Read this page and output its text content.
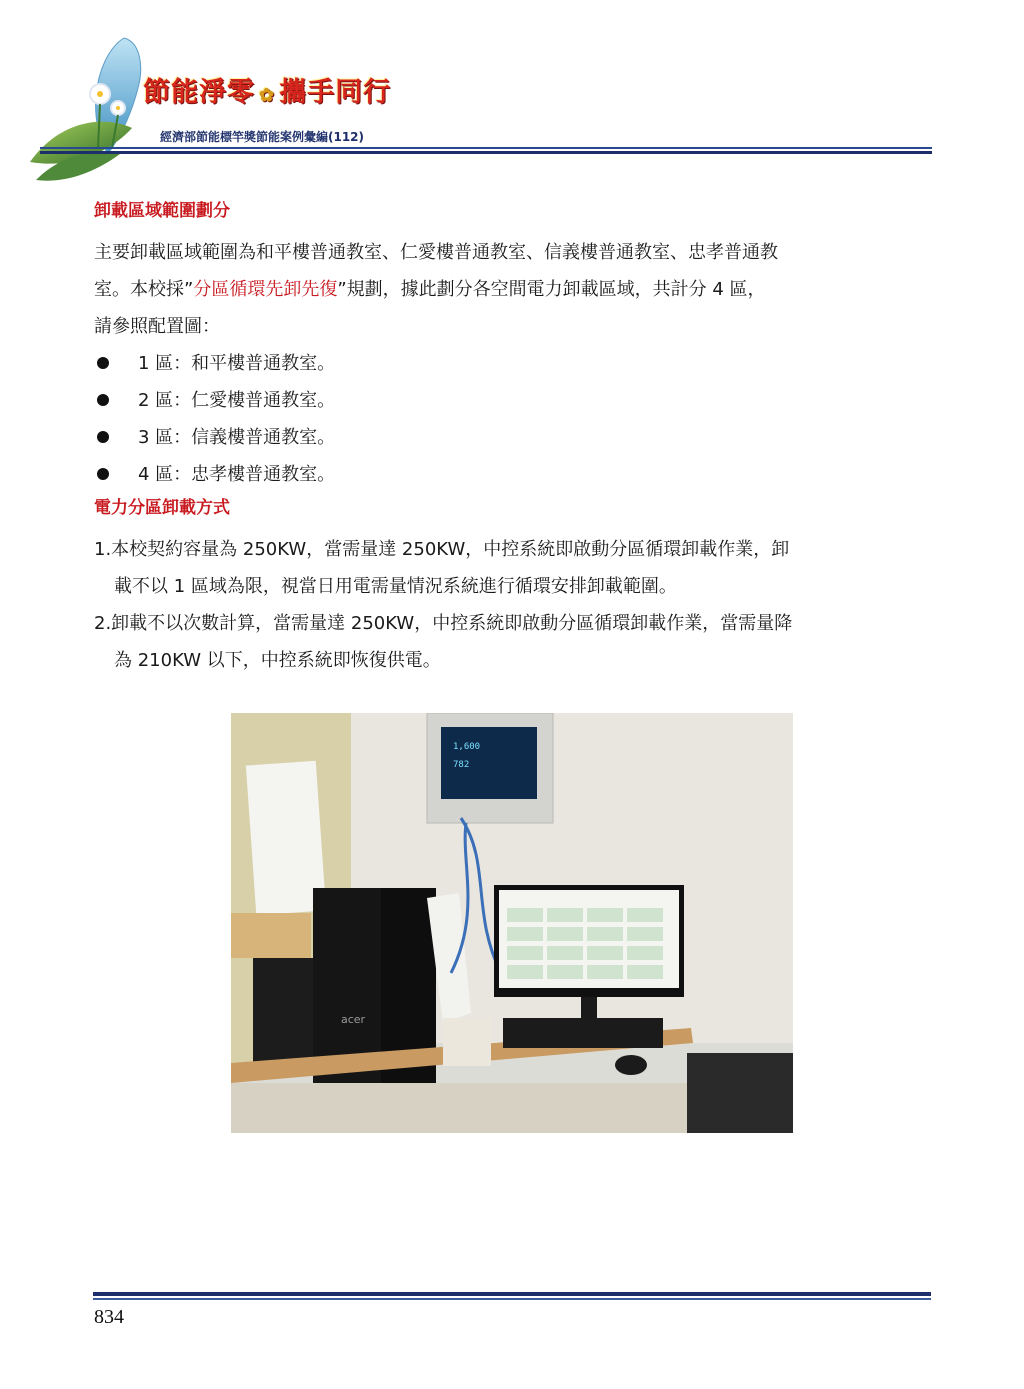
節能淨零 ✿ 攜手同行
經濟部節能標竿獎節能案例彙編(112)
卸載區域範圍劃分

主要卸載區域範圍為和平樓普通教室、仁愛樓普通教室、信義樓普通教室、忠孝普通教
室。本校採”分區循環先卸先復”規劃，據此劃分各空間電力卸載區域，共計分 4 區，
請參照配置圖：

1 區：和平樓普通教室。
2 區：仁愛樓普通教室。
3 區：信義樓普通教室。
4 區：忠孝樓普通教室。
電力分區卸載方式

1.本校契約容量為 250KW，當需量達 250KW，中控系統即啟動分區循環卸載作業，卸
載不以 1 區域為限，視當日用電需量情況系統進行循環安排卸載範圍。

2.卸載不以次數計算，當需量達 250KW，中控系統即啟動分區循環卸載作業，當需量降
為 210KW 以下，中控系統即恢復供電。

acer
1,600
782
834
